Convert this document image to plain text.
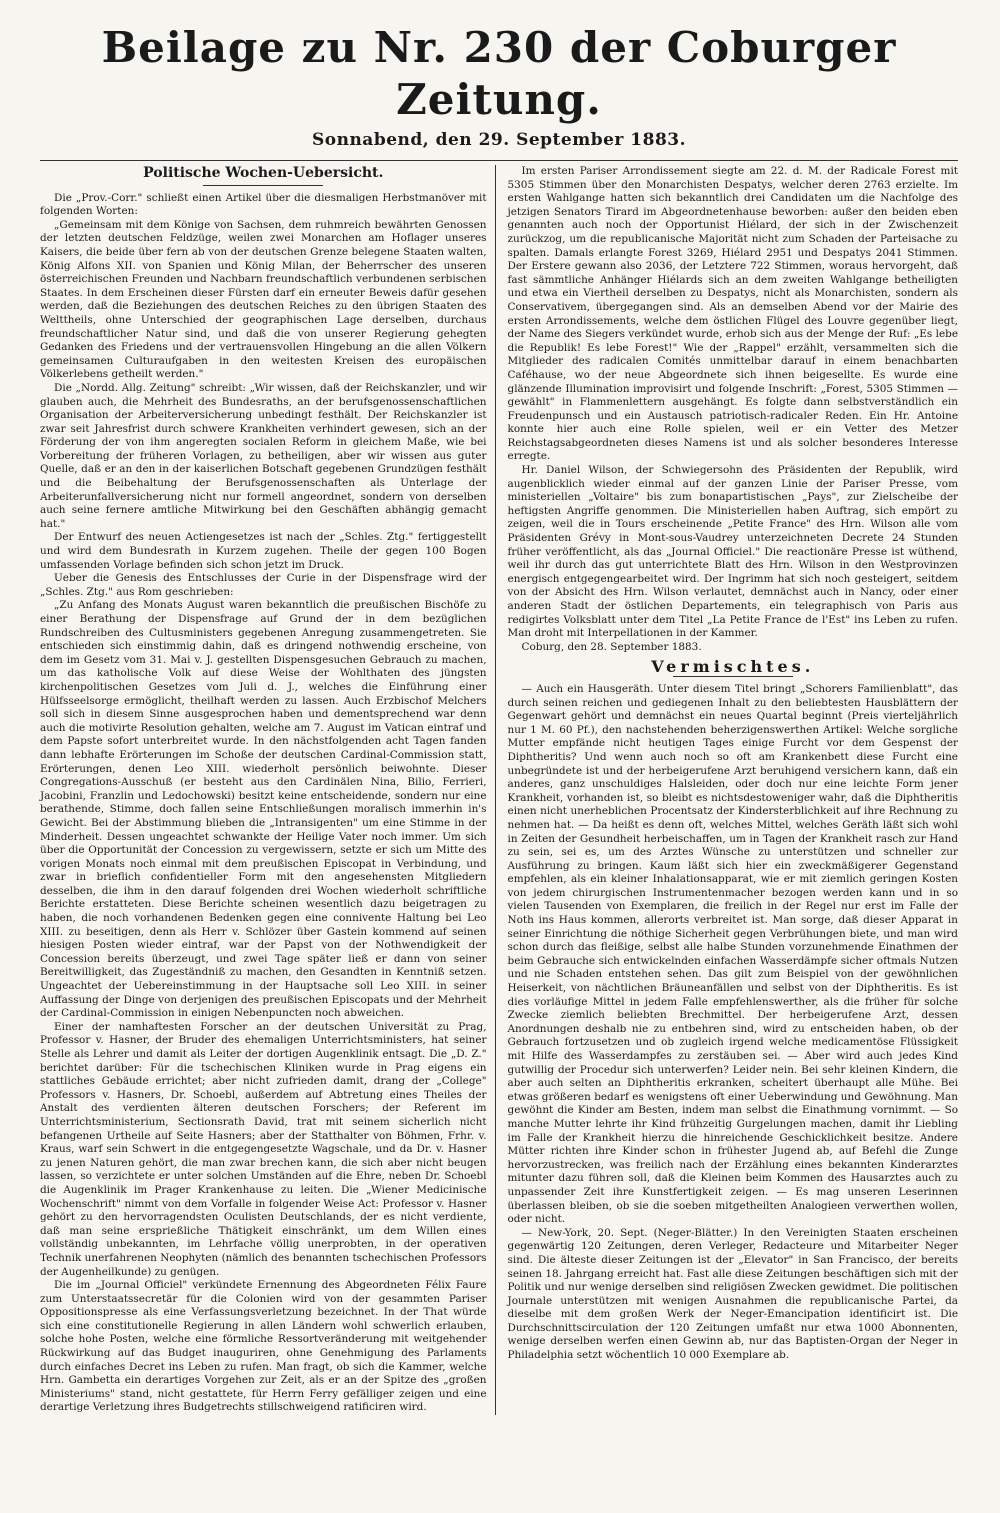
Beilage zu Nr. 230 der Coburger Zeitung.
Sonnabend, den 29. September 1883.
Politische Wochen-Uebersicht.

Die „Prov.-Corr." schließt einen Artikel über die diesmaligen Herbstmanöver mit folgenden Worten:

„Gemeinsam mit dem Könige von Sachsen, dem ruhmreich bewährten Genossen der letzten deutschen Feldzüge, weilen zwei Monarchen am Hoflager unseres Kaisers, die beide über fern ab von der deutschen Grenze belegene Staaten walten, König Alfons XII. von Spanien und König Milan, der Beherrscher des unseren österreichischen Freunden und Nachbarn freundschaftlich verbundenen serbischen Staates. In dem Erscheinen dieser Fürsten darf ein erneuter Beweis dafür gesehen werden, daß die Beziehungen des deutschen Reiches zu den übrigen Staaten des Welttheils, ohne Unterschied der geographischen Lage derselben, durchaus freundschaftlicher Natur sind, und daß die von unserer Regierung gehegten Gedanken des Friedens und der vertrauensvollen Hingebung an die allen Völkern gemeinsamen Culturaufgaben in den weitesten Kreisen des europäischen Völkerlebens getheilt werden."

Die „Nordd. Allg. Zeitung" schreibt: „Wir wissen, daß der Reichskanzler, und wir glauben auch, die Mehrheit des Bundesraths, an der berufsgenossenschaftlichen Organisation der Arbeiterversicherung unbedingt festhält. Der Reichskanzler ist zwar seit Jahresfrist durch schwere Krankheiten verhindert gewesen, sich an der Förderung der von ihm angeregten socialen Reform in gleichem Maße, wie bei Vorbereitung der früheren Vorlagen, zu betheiligen, aber wir wissen aus guter Quelle, daß er an den in der kaiserlichen Botschaft gegebenen Grundzügen festhält und die Beibehaltung der Berufsgenossenschaften als Unterlage der Arbeiterunfallversicherung nicht nur formell angeordnet, sondern von derselben auch seine fernere amtliche Mitwirkung bei den Geschäften abhängig gemacht hat."

Der Entwurf des neuen Actiengesetzes ist nach der „Schles. Ztg." fertiggestellt und wird dem Bundesrath in Kurzem zugehen. Theile der gegen 100 Bogen umfassenden Vorlage befinden sich schon jetzt im Druck.

Ueber die Genesis des Entschlusses der Curie in der Dispensfrage wird der „Schles. Ztg." aus Rom geschrieben:

„Zu Anfang des Monats August waren bekanntlich die preußischen Bischöfe zu einer Berathung der Dispensfrage auf Grund der in dem bezüglichen Rundschreiben des Cultusministers gegebenen Anregung zusammengetreten. Sie entschieden sich einstimmig dahin, daß es dringend nothwendig erscheine, von dem im Gesetz vom 31. Mai v. J. gestellten Dispensgesuchen Gebrauch zu machen, um das katholische Volk auf diese Weise der Wohlthaten des jüngsten kirchenpolitischen Gesetzes vom Juli d. J., welches die Einführung einer Hülfsseelsorge ermöglicht, theilhaft werden zu lassen. Auch Erzbischof Melchers soll sich in diesem Sinne ausgesprochen haben und dementsprechend war denn auch die motivirte Resolution gehalten, welche am 7. August im Vatican eintraf und dem Papste sofort unterbreitet wurde. In den nächstfolgenden acht Tagen fanden dann lebhafte Erörterungen im Schoße der deutschen Cardinal-Commission statt, Erörterungen, denen Leo XIII. wiederholt persönlich beiwohnte. Dieser Congregations-Ausschuß (er besteht aus den Cardinälen Nina, Bilio, Ferrieri, Jacobini, Franzlin und Ledochowski) besitzt keine entscheidende, sondern nur eine berathende, Stimme, doch fallen seine Entschließungen moralisch immerhin in's Gewicht. Bei der Abstimmung blieben die „Intransigenten" um eine Stimme in der Minderheit. Dessen ungeachtet schwankte der Heilige Vater noch immer. Um sich über die Opportunität der Concession zu vergewissern, setzte er sich um Mitte des vorigen Monats noch einmal mit dem preußischen Episcopat in Verbindung, und zwar in brieflich confidentieller Form mit den angesehensten Mitgliedern desselben, die ihm in den darauf folgenden drei Wochen wiederholt schriftliche Berichte erstatteten. Diese Berichte scheinen wesentlich dazu beigetragen zu haben, die noch vorhandenen Bedenken gegen eine connivente Haltung bei Leo XIII. zu beseitigen, denn als Herr v. Schlözer über Gastein kommend auf seinen hiesigen Posten wieder eintraf, war der Papst von der Nothwendigkeit der Concession bereits überzeugt, und zwei Tage später ließ er dann von seiner Bereitwilligkeit, das Zugeständniß zu machen, den Gesandten in Kenntniß setzen. Ungeachtet der Uebereinstimmung in der Hauptsache soll Leo XIII. in seiner Auffassung der Dinge von derjenigen des preußischen Episcopats und der Mehrheit der Cardinal-Commission in einigen Nebenpuncten noch abweichen.

Einer der namhaftesten Forscher an der deutschen Universität zu Prag, Professor v. Hasner, der Bruder des ehemaligen Unterrichtsministers, hat seiner Stelle als Lehrer und damit als Leiter der dortigen Augenklinik entsagt. Die „D. Z." berichtet darüber: Für die tschechischen Kliniken wurde in Prag eigens ein stattliches Gebäude errichtet; aber nicht zufrieden damit, drang der „College" Professors v. Hasners, Dr. Schoebl, außerdem auf Abtretung eines Theiles der Anstalt des verdienten älteren deutschen Forschers; der Referent im Unterrichtsministerium, Sectionsrath David, trat mit seinem sicherlich nicht befangenen Urtheile auf Seite Hasners; aber der Statthalter von Böhmen, Frhr. v. Kraus, warf sein Schwert in die entgegengesetzte Wagschale, und da Dr. v. Hasner zu jenen Naturen gehört, die man zwar brechen kann, die sich aber nicht beugen lassen, so verzichtete er unter solchen Umständen auf die Ehre, neben Dr. Schoebl die Augenklinik im Prager Krankenhause zu leiten. Die „Wiener Medicinische Wochenschrift" nimmt von dem Vorfalle in folgender Weise Act: Professor v. Hasner gehört zu den hervorragendsten Oculisten Deutschlands, der es nicht verdiente, daß man seine ersprießliche Thätigkeit einschränkt, um dem Willen eines vollständig unbekannten, im Lehrfache völlig unerprobten, in der operativen Technik unerfahrenen Neophyten (nämlich des benannten tschechischen Professors der Augenheilkunde) zu genügen.

Die im „Journal Officiel" verkündete Ernennung des Abgeordneten Félix Faure zum Unterstaatssecretär für die Colonien wird von der gesammten Pariser Oppositionspresse als eine Verfassungsverletzung bezeichnet. In der That würde sich eine constitutionelle Regierung in allen Ländern wohl schwerlich erlauben, solche hohe Posten, welche eine förmliche Ressortveränderung mit weitgehender Rückwirkung auf das Budget inauguriren, ohne Genehmigung des Parlaments durch einfaches Decret ins Leben zu rufen. Man fragt, ob sich die Kammer, welche Hrn. Gambetta ein derartiges Vorgehen zur Zeit, als er an der Spitze des „großen Ministeriums" stand, nicht gestattete, für Herrn Ferry gefälliger zeigen und eine derartige Verletzung ihres Budgetrechts stillschweigend ratificiren wird.

Im ersten Pariser Arrondissement siegte am 22. d. M. der Radicale Forest mit 5305 Stimmen über den Monarchisten Despatys, welcher deren 2763 erzielte. Im ersten Wahlgange hatten sich bekanntlich drei Candidaten um die Nachfolge des jetzigen Senators Tirard im Abgeordnetenhause beworben: außer den beiden eben genannten auch noch der Opportunist Hiélard, der sich in der Zwischenzeit zurückzog, um die republicanische Majorität nicht zum Schaden der Parteisache zu spalten. Damals erlangte Forest 3269, Hiélard 2951 und Despatys 2041 Stimmen. Der Erstere gewann also 2036, der Letztere 722 Stimmen, woraus hervorgeht, daß fast sämmtliche Anhänger Hiélards sich an dem zweiten Wahlgange betheiligten und etwa ein Viertheil derselben zu Despatys, nicht als Monarchisten, sondern als Conservativem, übergegangen sind. Als an demselben Abend vor der Mairie des ersten Arrondissements, welche dem östlichen Flügel des Louvre gegenüber liegt, der Name des Siegers verkündet wurde, erhob sich aus der Menge der Ruf: „Es lebe die Republik! Es lebe Forest!" Wie der „Rappel" erzählt, versammelten sich die Mitglieder des radicalen Comités unmittelbar darauf in einem benachbarten Caféhause, wo der neue Abgeordnete sich ihnen beigesellte. Es wurde eine glänzende Illumination improvisirt und folgende Inschrift: „Forest, 5305 Stimmen — gewählt" in Flammenlettern ausgehängt. Es folgte dann selbstverständlich ein Freudenpunsch und ein Austausch patriotisch-radicaler Reden. Ein Hr. Antoine konnte hier auch eine Rolle spielen, weil er ein Vetter des Metzer Reichstagsabgeordneten dieses Namens ist und als solcher besonderes Interesse erregte.

Hr. Daniel Wilson, der Schwiegersohn des Präsidenten der Republik, wird augenblicklich wieder einmal auf der ganzen Linie der Pariser Presse, vom ministeriellen „Voltaire" bis zum bonapartistischen „Pays", zur Zielscheibe der heftigsten Angriffe genommen. Die Ministeriellen haben Auftrag, sich empört zu zeigen, weil die in Tours erscheinende „Petite France" des Hrn. Wilson alle vom Präsidenten Grévy in Mont-sous-Vaudrey unterzeichneten Decrete 24 Stunden früher veröffentlicht, als das „Journal Officiel." Die reactionäre Presse ist wüthend, weil ihr durch das gut unterrichtete Blatt des Hrn. Wilson in den Westprovinzen energisch entgegengearbeitet wird. Der Ingrimm hat sich noch gesteigert, seitdem von der Absicht des Hrn. Wilson verlautet, demnächst auch in Nancy, oder einer anderen Stadt der östlichen Departements, ein telegraphisch von Paris aus redigirtes Volksblatt unter dem Titel „La Petite France de l'Est" ins Leben zu rufen. Man droht mit Interpellationen in der Kammer.

Coburg, den 28. September 1883.

Vermischtes.

— Auch ein Hausgeräth. Unter diesem Titel bringt „Schorers Familienblatt", das durch seinen reichen und gediegenen Inhalt zu den beliebtesten Hausblättern der Gegenwart gehört und demnächst ein neues Quartal beginnt (Preis vierteljährlich nur 1 M. 60 Pf.), den nachstehenden beherzigenswerthen Artikel: Welche sorgliche Mutter empfände nicht heutigen Tages einige Furcht vor dem Gespenst der Diphtheritis? Und wenn auch noch so oft am Krankenbett diese Furcht eine unbegründete ist und der herbeigerufene Arzt beruhigend versichern kann, daß ein anderes, ganz unschuldiges Halsleiden, oder doch nur eine leichte Form jener Krankheit, vorhanden ist, so bleibt es nichtsdestoweniger wahr, daß die Diphtheritis einen nicht unerheblichen Procentsatz der Kindersterblichkeit auf ihre Rechnung zu nehmen hat. — Da heißt es denn oft, welches Mittel, welches Geräth läßt sich wohl in Zeiten der Gesundheit herbeischaffen, um in Tagen der Krankheit rasch zur Hand zu sein, sei es, um des Arztes Wünsche zu unterstützen und schneller zur Ausführung zu bringen. Kaum läßt sich hier ein zweckmäßigerer Gegenstand empfehlen, als ein kleiner Inhalationsapparat, wie er mit ziemlich geringen Kosten von jedem chirurgischen Instrumentenmacher bezogen werden kann und in so vielen Tausenden von Exemplaren, die freilich in der Regel nur erst im Falle der Noth ins Haus kommen, allerorts verbreitet ist. Man sorge, daß dieser Apparat in seiner Einrichtung die nöthige Sicherheit gegen Verbrühungen biete, und man wird schon durch das fleißige, selbst alle halbe Stunden vorzunehmende Einathmen der beim Gebrauche sich entwickelnden einfachen Wasserdämpfe sicher oftmals Nutzen und nie Schaden entstehen sehen. Das gilt zum Beispiel von der gewöhnlichen Heiserkeit, von nächtlichen Bräuneanfällen und selbst von der Diphtheritis. Es ist dies vorläufige Mittel in jedem Falle empfehlenswerther, als die früher für solche Zwecke ziemlich beliebten Brechmittel. Der herbeigerufene Arzt, dessen Anordnungen deshalb nie zu entbehren sind, wird zu entscheiden haben, ob der Gebrauch fortzusetzen und ob zugleich irgend welche medicamentöse Flüssigkeit mit Hilfe des Wasserdampfes zu zerstäuben sei. — Aber wird auch jedes Kind gutwillig der Procedur sich unterwerfen? Leider nein. Bei sehr kleinen Kindern, die aber auch selten an Diphtheritis erkranken, scheitert überhaupt alle Mühe. Bei etwas größeren bedarf es wenigstens oft einer Ueberwindung und Gewöhnung. Man gewöhnt die Kinder am Besten, indem man selbst die Einathmung vornimmt. — So manche Mutter lehrte ihr Kind frühzeitig Gurgelungen machen, damit ihr Liebling im Falle der Krankheit hierzu die hinreichende Geschicklichkeit besitze. Andere Mütter richten ihre Kinder schon in frühester Jugend ab, auf Befehl die Zunge hervorzustrecken, was freilich nach der Erzählung eines bekannten Kinderarztes mitunter dazu führen soll, daß die Kleinen beim Kommen des Hausarztes auch zu unpassender Zeit ihre Kunstfertigkeit zeigen. — Es mag unseren Leserinnen überlassen bleiben, ob sie die soeben mitgetheilten Analogieen verwerthen wollen, oder nicht.

— New-York, 20. Sept. (Neger-Blätter.) In den Vereinigten Staaten erscheinen gegenwärtig 120 Zeitungen, deren Verleger, Redacteure und Mitarbeiter Neger sind. Die älteste dieser Zeitungen ist der „Elevator" in San Francisco, der bereits seinen 18. Jahrgang erreicht hat. Fast alle diese Zeitungen beschäftigen sich mit der Politik und nur wenige derselben sind religiösen Zwecken gewidmet. Die politischen Journale unterstützen mit wenigen Ausnahmen die republicanische Partei, da dieselbe mit dem großen Werk der Neger-Emancipation identificirt ist. Die Durchschnittscirculation der 120 Zeitungen umfaßt nur etwa 1000 Abonnenten, wenige derselben werfen einen Gewinn ab, nur das Baptisten-Organ der Neger in Philadelphia setzt wöchentlich 10 000 Exemplare ab.
